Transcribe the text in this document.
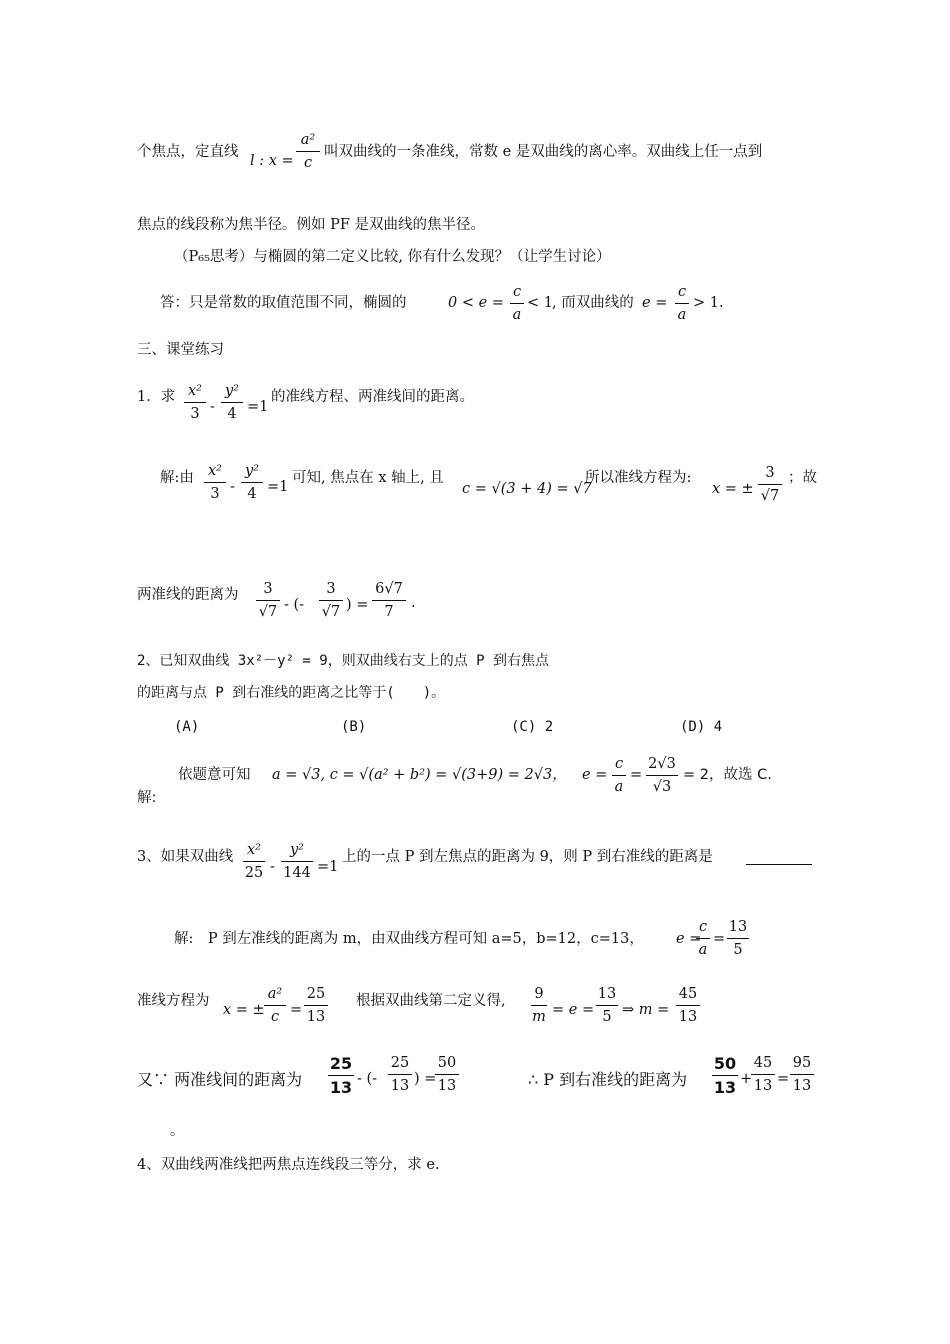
个焦点，定直线
l : x =
a²
c
叫双曲线的一条准线，常数 e 是双曲线的离心率。双曲线上任一点到
焦点的线段称为焦半径。例如 PF 是双曲线的焦半径。
（P₆₅思考）与椭圆的第二定义比较, 你有什么发现？（让学生讨论）
答：只是常数的取值范围不同，椭圆的	0 < e =
c
a
< 1 , 而双曲线的 e =
c
a
> 1.
三、课堂练习
1．求 x²
3 -
y²
4 =1
的准线方程、两准线间的距离。
解:由 x²
3 -
y²
4 =1
可知, 焦点在 x 轴上, 且
c = √(3 + 4) = √7
所以准线方程为:
x = ±
3
√7
；故
两准线的距离为	3
√7 - (-
3
√7 ) =
6√7
7
.
2、已知双曲线 3x²－y² = 9，则双曲线右支上的点 P 到右焦点
的距离与点 P 到右准线的距离之比等于(　　)。
(A)	(B)	(C) 2	(D) 4
依题意可知
解:
a = √3, c = √(a² + b²) = √(3+9) = 2√3， e =
c
a
=
2√3
√3
= 2，故选 C.
3、如果双曲线 x²
25 -
y²
144 =1
上的一点 P 到左焦点的距离为 9，则 P 到右准线的距离是
解:　P 到左准线的距离为 m，由双曲线方程可知 a=5，b=12，c=13， e =
c
a
=
13
5
准线方程为
x = ±
a²
c =
25
13
根据双曲线第二定义得, 9
m = e =
13
5 ⇒ m =
45
13
又∵ 两准线间的距离为
25
13 - (-
25
13 ) =
50
13	∴ P 到右准线的距离为
50
13 +
45
13 =
95
13
。
4、双曲线两准线把两焦点连线段三等分，求 e.
